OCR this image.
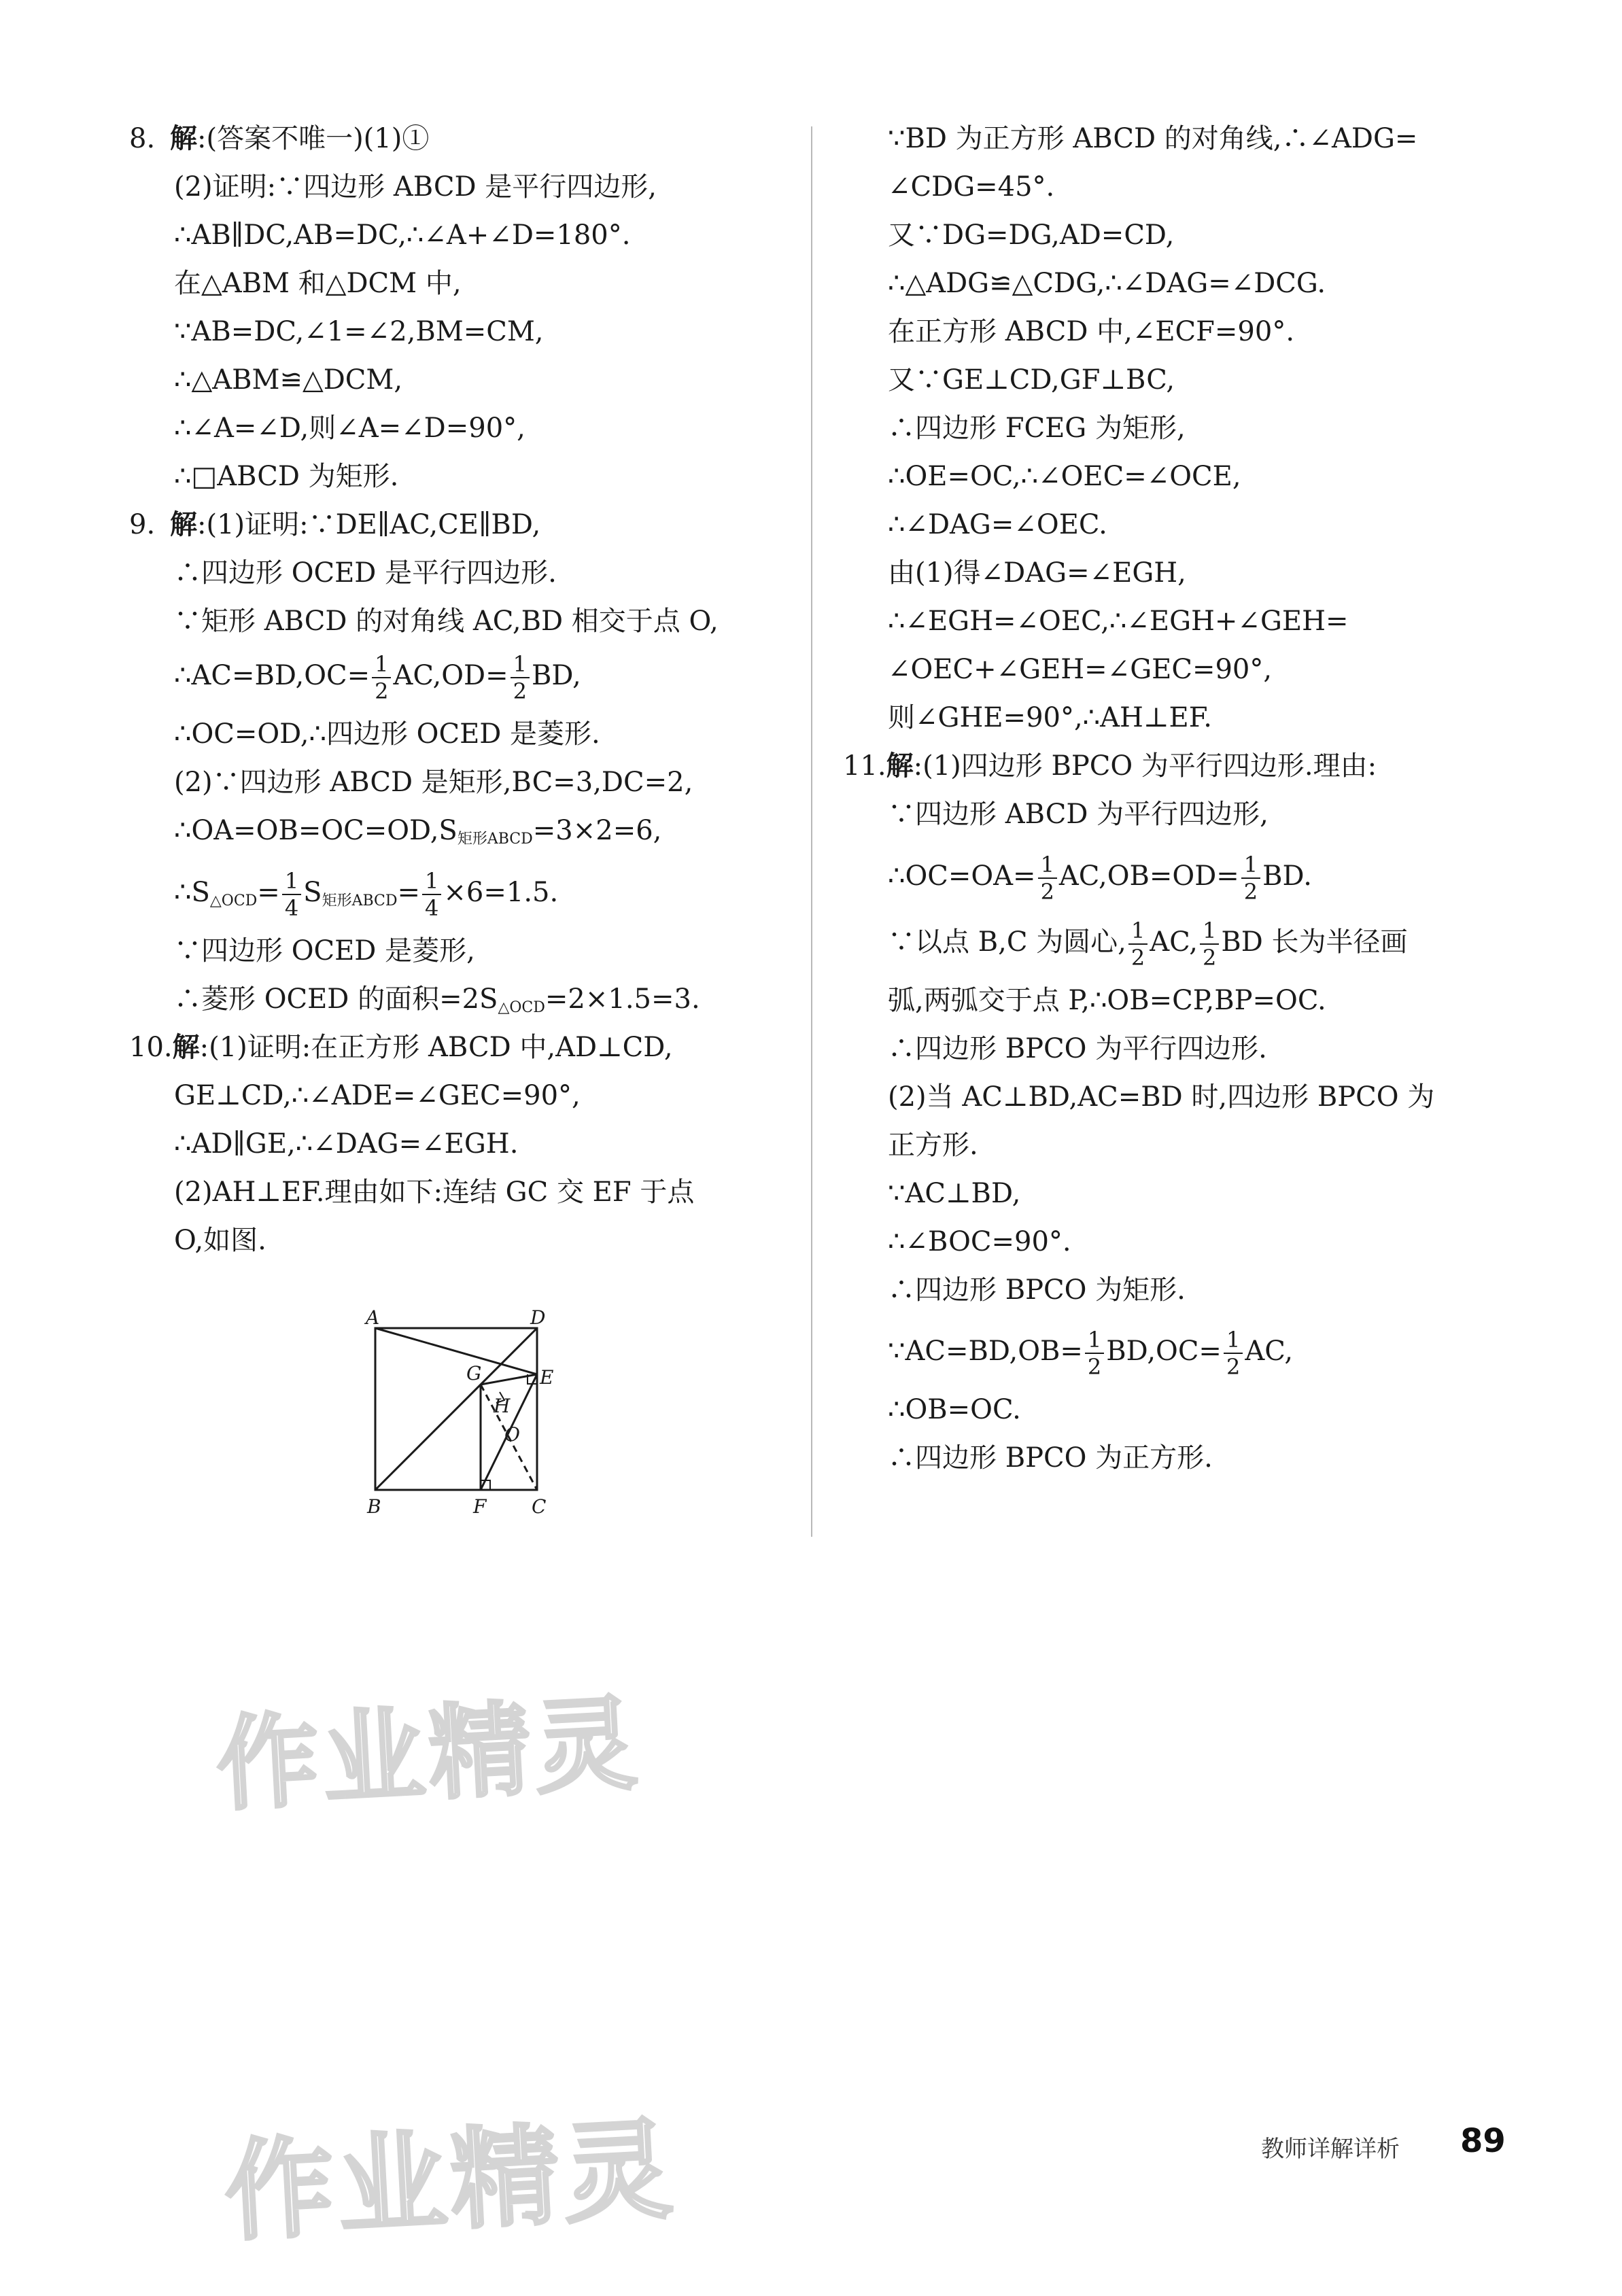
8. 解:(答案不唯一)(1)①
(2)证明:∵四边形 ABCD 是平行四边形,
∴AB∥DC,AB=DC,∴∠A+∠D=180°.
在△ABM 和△DCM 中,
∵AB=DC,∠1=∠2,BM=CM,
∴△ABM≌△DCM,
∴∠A=∠D,则∠A=∠D=90°,
∴□ABCD 为矩形.
9. 解:(1)证明:∵DE∥AC,CE∥BD,
∴四边形 OCED 是平行四边形.
∵矩形 ABCD 的对角线 AC,BD 相交于点 O,
∴AC=BD,OC= $\frac{1}{2} AC,OD= \frac{1}{2}$ BD,
∴OC=OD,∴四边形 OCED 是菱形.
(2)∵四边形 ABCD 是矩形,BC=3,DC=2,
$\therefore OA=OB=OC=OD,S_{矩形ABCD}=3\times 2=6$,
$\therefore S_{\triangle OCD}= \frac{1}{4} S_{矩形ABCD}= \frac{1}{4} \times 6=1.5$.
∵四边形 OCED 是菱形,
∴菱形 OCED 的面积$=2S_{\triangle OCD}=2\times 1.5=3$.
10.解:(1)证明:在正方形 ABCD 中,AD⊥CD,
GE⊥CD,∴∠ADE=∠GEC=90°,
∴AD∥GE,∴∠DAG=∠EGH.
(2)AH⊥EF.理由如下:连结 GC 交 EF 于点
O,如图.
A	D
B	C
F
E
G
H
O
∵BD 为正方形 ABCD 的对角线,∴∠ADG=
∠CDG=45°.
又∵DG=DG,AD=CD,
∴△ADG≌△CDG,∴∠DAG=∠DCG.
在正方形 ABCD 中,∠ECF=90°.
又∵GE⊥CD,GF⊥BC,
∴四边形 FCEG 为矩形,
∴OE=OC,∴∠OEC=∠OCE,
∴∠DAG=∠OEC.
由(1)得∠DAG=∠EGH,
∴∠EGH=∠OEC,∴∠EGH+∠GEH=
∠OEC+∠GEH=∠GEC=90°,
则∠GHE=90°,∴AH⊥EF.
11.解:(1)四边形 BPCO 为平行四边形.理由:
∵四边形 ABCD 为平行四边形,
∴OC=OA= $\frac{1}{2} AC,OB=OD= \frac{1}{2}$ BD.
∵以点 B,C 为圆心, $\frac{1}{2}$ AC, $\frac{1}{2}$ BD 长为半径画
弧,两弧交于点 P,∴OB=CP,BP=OC.
∴四边形 BPCO 为平行四边形.
(2)当 AC⊥BD,AC=BD 时,四边形 BPCO 为
正方形.
∵AC⊥BD,
∴∠BOC=90°.
∴四边形 BPCO 为矩形.
∵AC=BD,OB= $\frac{1}{2} BD,OC= \frac{1}{2}$ AC,
∴OB=OC.
∴四边形 BPCO 为正方形.
作业精灵
作业精灵	教师详解详析 89
